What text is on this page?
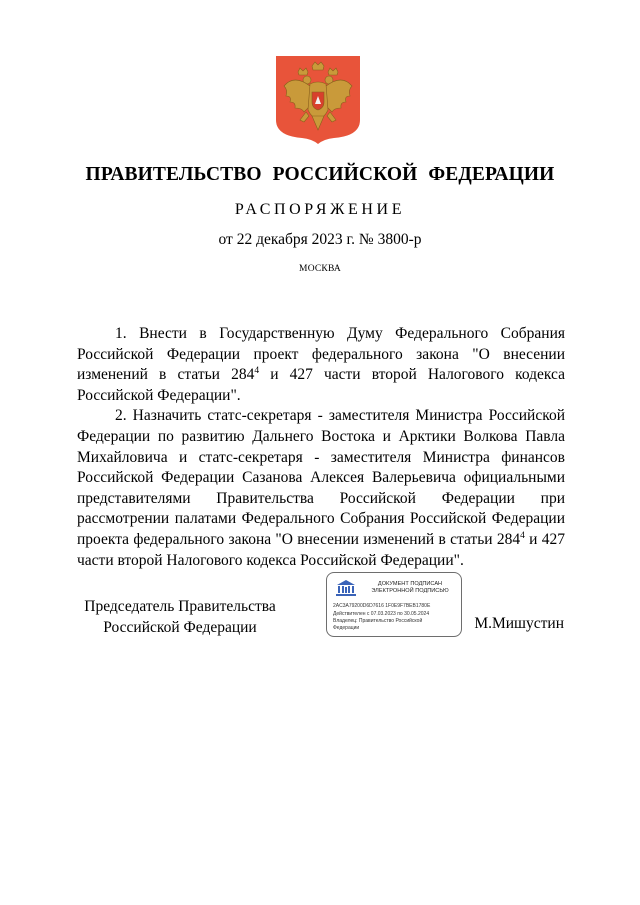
ПРАВИТЕЛЬСТВО РОССИЙСКОЙ ФЕДЕРАЦИИ
РАСПОРЯЖЕНИЕ
от 22 декабря 2023 г. № 3800-р
МОСКВА

1. Внести в Государственную Думу Федерального Собрания Российской Федерации проект федерального закона "О внесении изменений в статьи $284^4$ и 427 части второй Налогового кодекса Российской Федерации".

2. Назначить статс-секретаря - заместителя Министра Российской Федерации по развитию Дальнего Востока и Арктики Волкова Павла Михайловича и статс-секретаря - заместителя Министра финансов Российской Федерации Сазанова Алексея Валерьевича официальными представителями Правительства Российской Федерации при рассмотрении палатами Федерального Собрания Российской Федерации проекта федерального закона "О внесении изменений в статьи $284^4$ и 427 части второй Налогового кодекса Российской Федерации".

Председатель Правительства
Российской Федерации
ДОКУМЕНТ ПОДПИСАН
ЭЛЕКТРОННОЙ ПОДПИСЬЮ
2AC3A79200D6D7616 1F0E9F7BEB1780E
Действителен с 07.03.2023 по 30.05.2024
Владелец: Правительство Российской
Федерации	М.Мишустин
